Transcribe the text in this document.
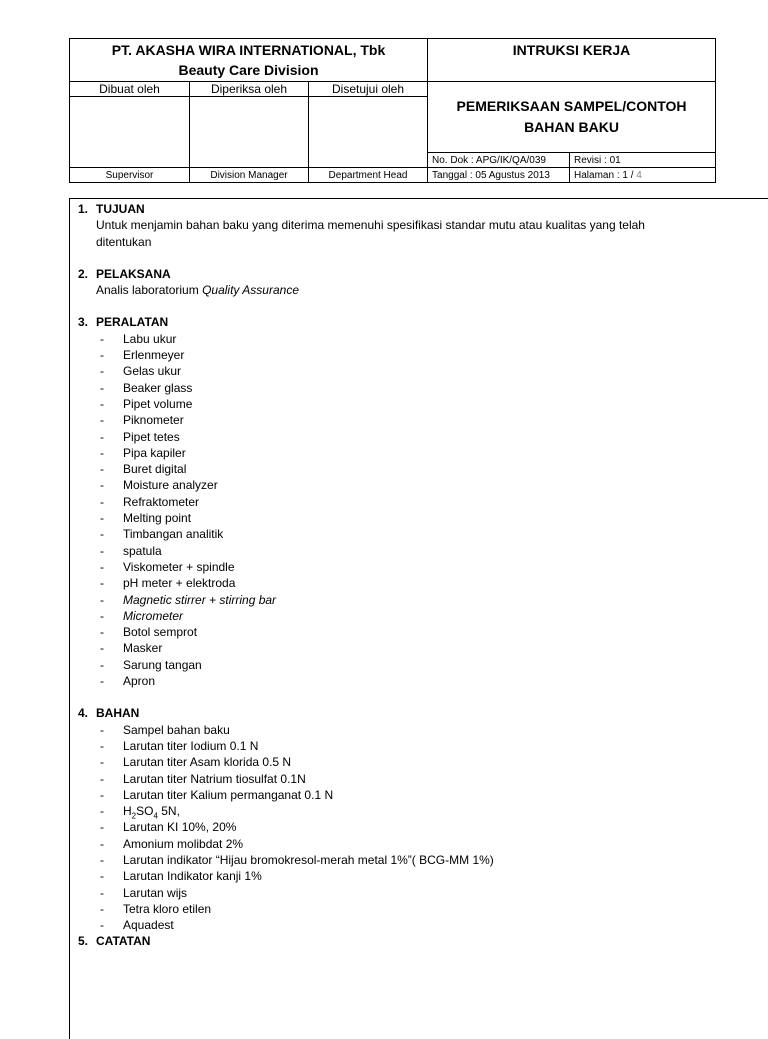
PT. AKASHA WIRA INTERNATIONAL, Tbk
Beauty Care Division			INTRUKSI KERJA	

Dibuat oleh	Diperiksa oleh	Disetujui oleh	PEMERIKSAAN SAMPEL/CONTOH
BAHAN BAKU	

			No. Dok : APG/IK/QA/039	Revisi : 01
Supervisor	Division Manager	Department Head	Tanggal : 05 Agustus 2013	Halaman : 1 / 4
1. TUJUAN
Untuk menjamin bahan baku yang diterima memenuhi spesifikasi standar mutu atau kualitas yang telah
ditentukan
2. PELAKSANA
Analis laboratorium Quality Assurance
3. PERALATAN
-	Labu ukur
-	Erlenmeyer
-	Gelas ukur
-	Beaker glass
-	Pipet volume
-	Piknometer
-	Pipet tetes
-	Pipa kapiler
-	Buret digital
-	Moisture analyzer
-	Refraktometer
-	Melting point
-	Timbangan analitik
-	spatula
-	Viskometer + spindle
-	pH meter + elektroda
-	Magnetic stirrer + stirring bar
-	Micrometer
-	Botol semprot
-	Masker
-	Sarung tangan
-	Apron
4. BAHAN
-	Sampel bahan baku
-	Larutan titer Iodium 0.1 N
-	Larutan titer Asam klorida 0.5 N
-	Larutan titer Natrium tiosulfat 0.1N
-	Larutan titer Kalium permanganat 0.1 N
-	$H_2SO_4$ 5N,
-	Larutan KI 10%, 20%
-	Amonium molibdat 2%
-	Larutan indikator “Hijau bromokresol-merah metal 1%”( BCG-MM 1%)
-	Larutan Indikator kanji 1%
-	Larutan wijs
-	Tetra kloro etilen
-	Aquadest
5. CATATAN
